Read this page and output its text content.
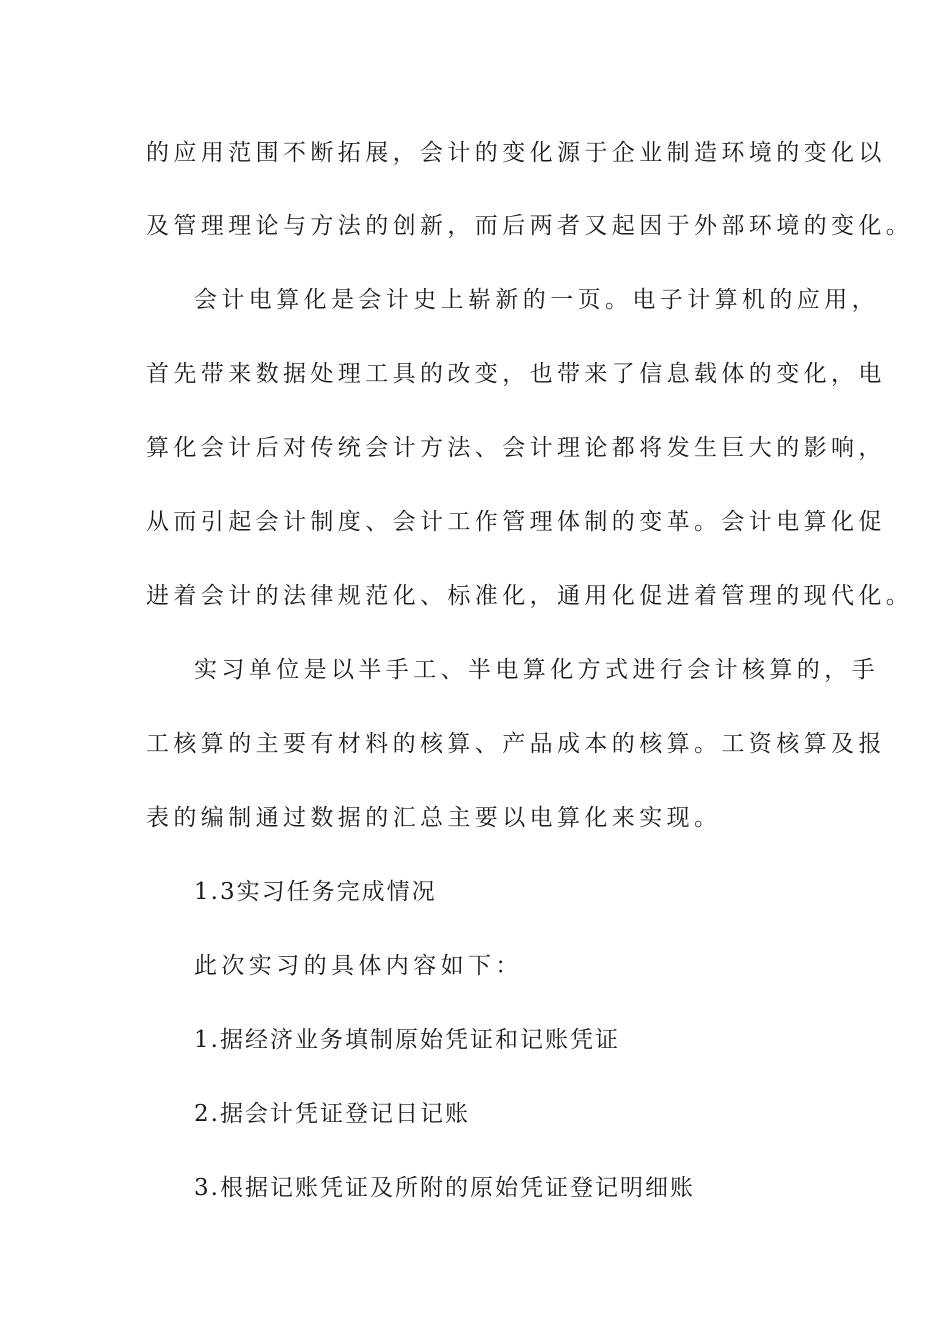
的应用范围不断拓展，会计的变化源于企业制造环境的变化以
及管理理论与方法的创新，而后两者又起因于外部环境的变化。
会计电算化是会计史上崭新的一页。电子计算机的应用，
首先带来数据处理工具的改变，也带来了信息载体的变化，电
算化会计后对传统会计方法、会计理论都将发生巨大的影响，
从而引起会计制度、会计工作管理体制的变革。会计电算化促
进着会计的法律规范化、标准化，通用化促进着管理的现代化。
实习单位是以半手工、半电算化方式进行会计核算的，手
工核算的主要有材料的核算、产品成本的核算。工资核算及报
表的编制通过数据的汇总主要以电算化来实现。
1.3实习任务完成情况
此次实习的具体内容如下：
1.据经济业务填制原始凭证和记账凭证
2.据会计凭证登记日记账
3.根据记账凭证及所附的原始凭证登记明细账
